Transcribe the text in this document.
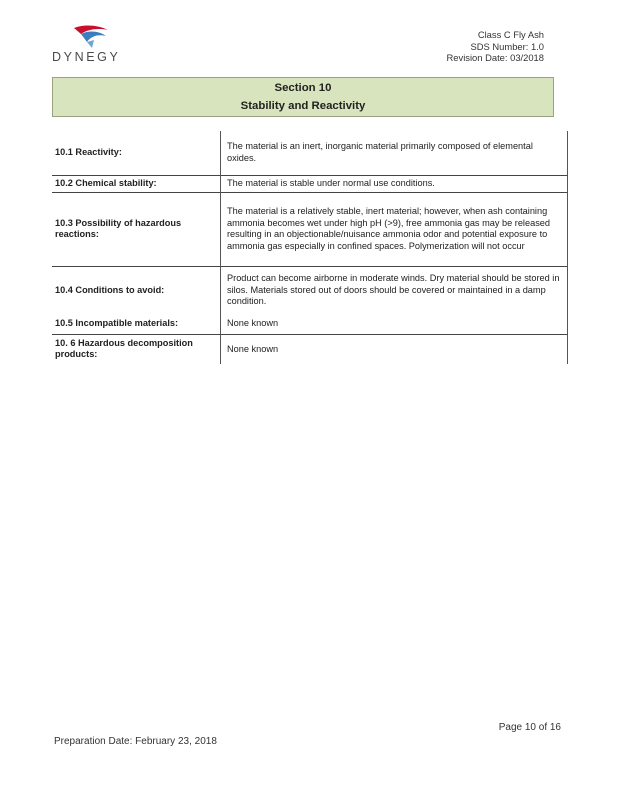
DYNEGY
Class C Fly Ash
SDS Number: 1.0
Revision Date: 03/2018
Section 10
Stability and Reactivity
10.1 Reactivity:	The material is an inert, inorganic material primarily composed of elemental oxides.	
10.2 Chemical stability:	The material is stable under normal use conditions.	
10.3 Possibility of hazardous reactions:	The material is a relatively stable, inert material; however, when ash containing ammonia becomes wet under high pH (>9), free ammonia gas may be released resulting in an objectionable/nuisance ammonia odor and potential exposure to ammonia gas especially in confined spaces. Polymerization will not occur	
10.4 Conditions to avoid:	Product can become airborne in moderate winds. Dry material should be stored in silos. Materials stored out of doors should be covered or maintained in a damp condition.	
10.5 Incompatible materials:	None known	
10. 6 Hazardous decomposition products:	None known	
Page 10 of 16
Preparation Date: February 23, 2018
